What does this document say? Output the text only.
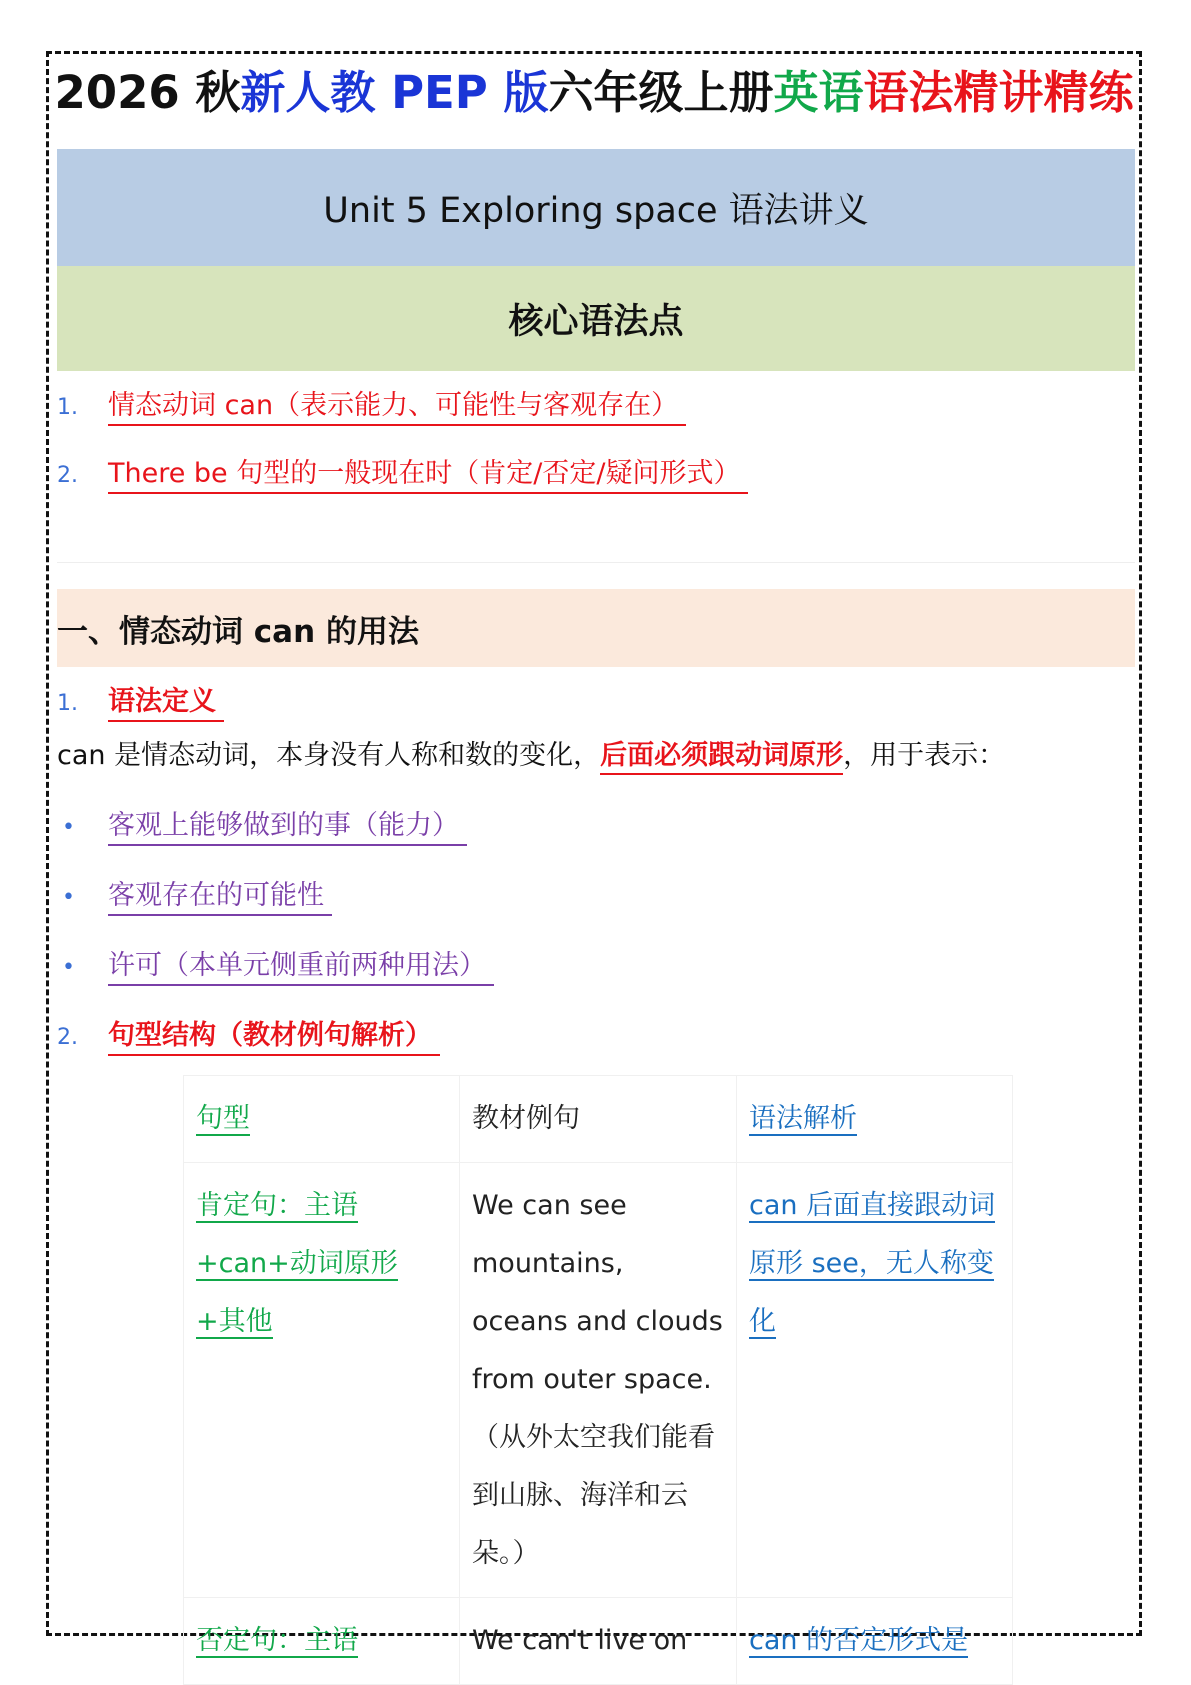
2026 秋新人教 PEP 版六年级上册英语语法精讲精练
Unit 5 Exploring space 语法讲义
核心语法点
1.	情态动词 can（表示能力、可能性与客观存在）
2.	There be 句型的一般现在时（肯定/否定/疑问形式）
一、情态动词 can 的用法
1.	语法定义
can 是情态动词，本身没有人称和数的变化，后面必须跟动词原形，用于表示：
•	客观上能够做到的事（能力）
•	客观存在的可能性
•	许可（本单元侧重前两种用法）
2.	句型结构（教材例句解析）
句型	教材例句	语法解析
肯定句：主语+can+动词原形+其他	We can see mountains, oceans and clouds from outer space.（从外太空我们能看到山脉、海洋和云朵。）	can 后面直接跟动词原形 see，无人称变化
否定句：主语	We can't live on	can 的否定形式是
